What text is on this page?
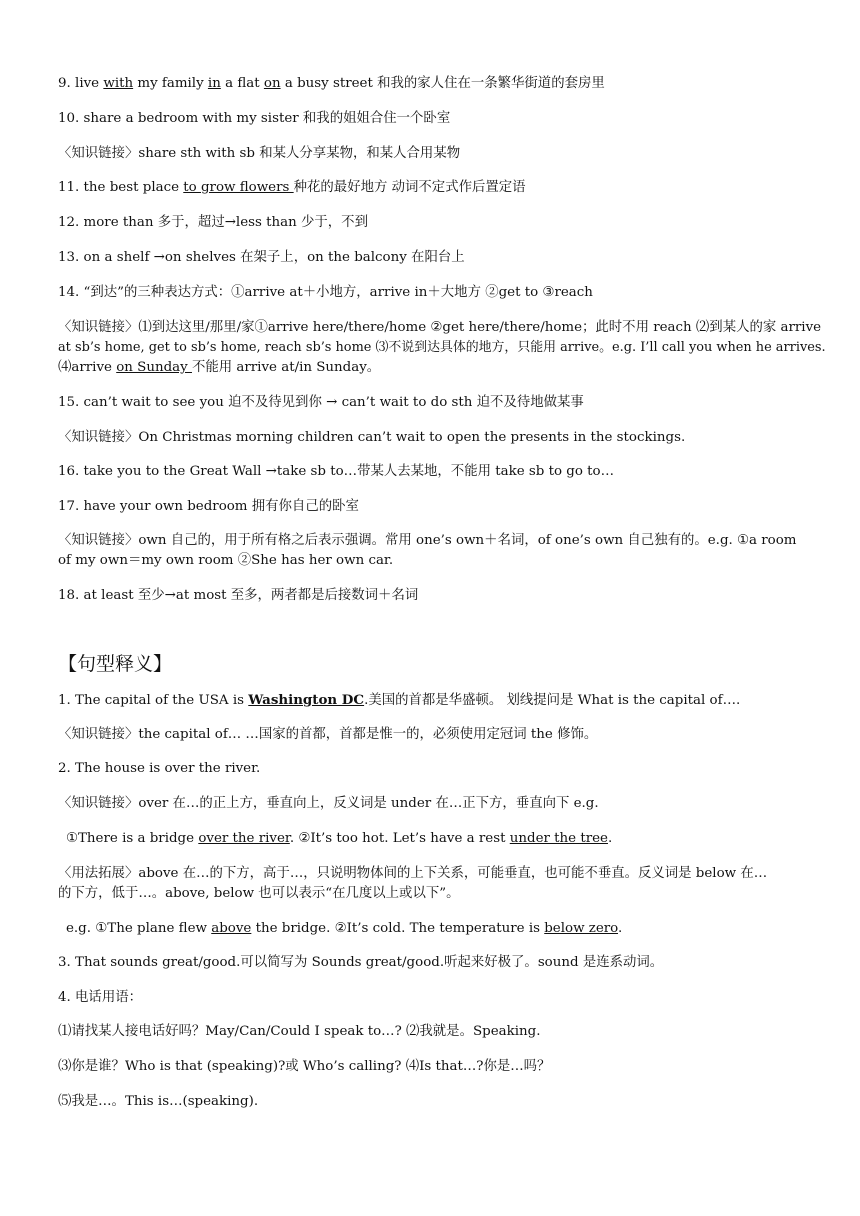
9. live with my family in a flat on a busy street 和我的家人住在一条繁华街道的套房里
10. share a bedroom with my sister 和我的姐姐合住一个卧室
〈知识链接〉share sth with sb 和某人分享某物，和某人合用某物
11. the best place to grow flowers 种花的最好地方 动词不定式作后置定语
12. more than 多于，超过→less than 少于，不到
13. on a shelf →on shelves 在架子上，on the balcony 在阳台上
14. “到达”的三种表达方式：①arrive at＋小地方，arrive in＋大地方 ②get to ③reach
〈知识链接〉⑴到达这里/那里/家①arrive here/there/home ②get here/there/home；此时不用 reach ⑵到某人的家 arrive
at sb’s home, get to sb’s home, reach sb’s home ⑶不说到达具体的地方，只能用 arrive。e.g. I’ll call you when he arrives.
⑷arrive on Sunday 不能用 arrive at/in Sunday。
15. can’t wait to see you 迫不及待见到你 → can’t wait to do sth 迫不及待地做某事
〈知识链接〉On Christmas morning children can’t wait to open the presents in the stockings.
16. take you to the Great Wall →take sb to…带某人去某地，不能用 take sb to go to…
17. have your own bedroom 拥有你自己的卧室
〈知识链接〉own 自己的，用于所有格之后表示强调。常用 one’s own＋名词，of one’s own 自己独有的。e.g. ①a room
of my own＝my own room ②She has her own car.
18. at least 至少→at most 至多，两者都是后接数词＋名词
【句型释义】
1. The capital of the USA is Washington DC.美国的首都是华盛顿。 划线提问是 What is the capital of….
〈知识链接〉the capital of… …国家的首都，首都是惟一的，必须使用定冠词 the 修饰。
2. The house is over the river.
〈知识链接〉over 在…的正上方，垂直向上，反义词是 under 在…正下方，垂直向下 e.g.
①There is a bridge over the river. ②It’s too hot. Let’s have a rest under the tree.
〈用法拓展〉above 在…的下方，高于…，只说明物体间的上下关系，可能垂直，也可能不垂直。反义词是 below 在…
的下方，低于…。above, below 也可以表示“在几度以上或以下”。
e.g. ①The plane flew above the bridge. ②It’s cold. The temperature is below zero.
3. That sounds great/good.可以简写为 Sounds great/good.听起来好极了。sound 是连系动词。
4. 电话用语：
⑴请找某人接电话好吗？May/Can/Could I speak to…? ⑵我就是。Speaking.
⑶你是谁？Who is that (speaking)?或 Who’s calling? ⑷Is that…?你是…吗？
⑸我是…。This is…(speaking).
